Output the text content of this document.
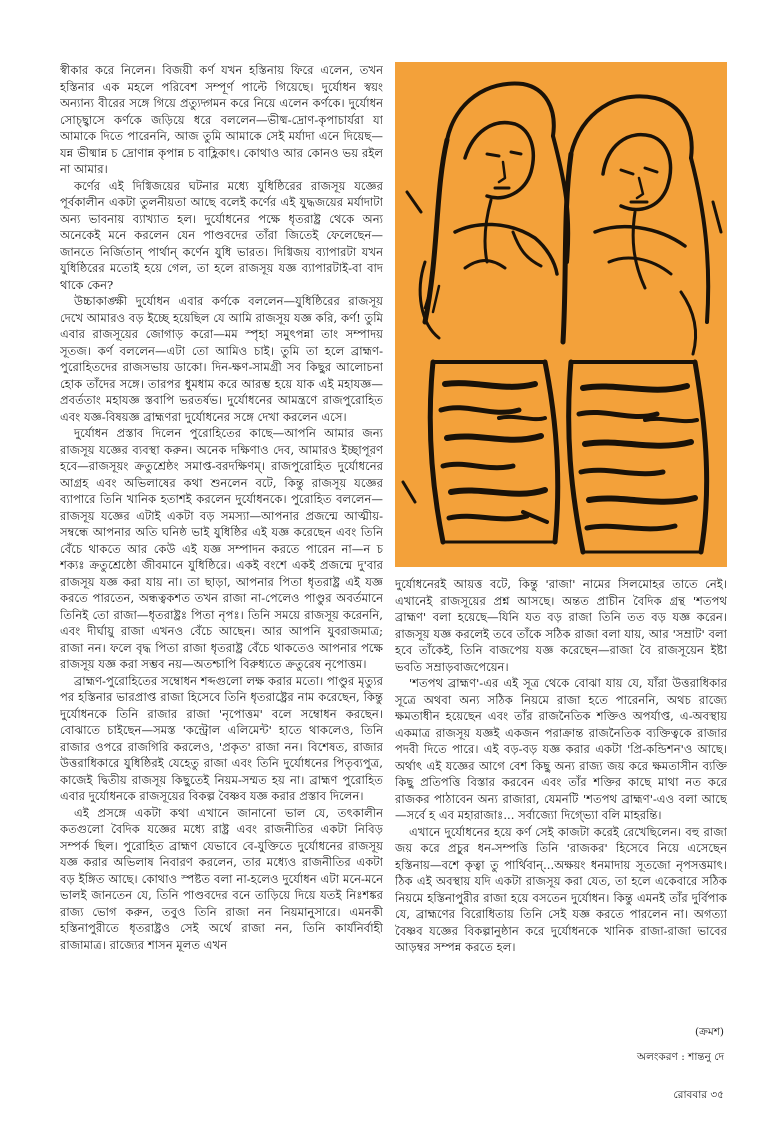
স্বীকার করে নিলেন। বিজয়ী কর্ণ যখন হস্তিনায় ফিরে এলেন, তখন হস্তিনার এক মহলে পরিবেশ সম্পূর্ণ পাল্টে গিয়েছে। দুর্যোধন স্বয়ং অন্যান্য বীরের সঙ্গে গিয়ে প্রত্যুদ্গমন করে নিয়ে এলেন কর্ণকে। দুর্যোধন সোচ্ছ্বাসে কর্ণকে জড়িয়ে ধরে বললেন—ভীষ্ম-দ্রোণ-কৃপাচার্যরা যা আমাকে দিতে পারেননি, আজ তুমি আমাকে সেই মর্যাদা এনে দিয়েছ—যন্ন ভীষ্মান্ন চ দ্রোণান্ন কৃপান্ন চ বাহ্লিকাৎ। কোথাও আর কোনও ভয় রইল না আমার।

কর্ণের এই দিগ্বিজয়ের ঘটনার মধ্যে যুধিষ্ঠিরের রাজসূয় যজ্ঞের পূর্বকালীন একটা তুলনীয়তা আছে বলেই কর্ণের এই যুদ্ধজয়ের মর্যাদাটা অন্য ভাবনায় ব্যাখ্যাত হল। দুর্যোধনের পক্ষে ধৃতরাষ্ট্র থেকে অন্য অনেকেই মনে করলেন যেন পাণ্ডবদের তাঁরা জিতেই ফেলেছেন—জানতে নির্জিতান্ পার্থান্ কর্ণেন যুধি ভারত। দিগ্বিজয় ব্যাপারটা যখন যুধিষ্ঠিরের মতোই হয়ে গেল, তা হলে রাজসূয় যজ্ঞ ব্যাপারটাই-বা বাদ থাকে কেন?

উচ্চাকাঙ্ক্ষী দুর্যোধন এবার কর্ণকে বললেন—যুধিষ্ঠিরের রাজসূয় দেখে আমারও বড় ইচ্ছে হয়েছিল যে আমি রাজসূয় যজ্ঞ করি, কর্ণ! তুমি এবার রাজসূয়ের জোগাড় করো—মম স্পৃহা সমুৎপন্না তাং সম্পাদয় সূতজ। কর্ণ বললেন—এটা তো আমিও চাই। তুমি তা হলে ব্রাহ্মণ-পুরোহিতদের রাজসভায় ডাকো। দিন-ক্ষণ-সামগ্রী সব কিছুর আলোচনা হোক তাঁদের সঙ্গে। তারপর ধুমধাম করে আরম্ভ হয়ে যাক এই মহাযজ্ঞ—প্রবর্ততাং মহাযজ্ঞ স্তবাপি ভরতর্ষভ। দুর্যোধনের আমন্ত্রণে রাজপুরোহিত এবং যজ্ঞ-বিষয়জ্ঞ ব্রাহ্মণরা দুর্যোধনের সঙ্গে দেখা করলেন এসে।

দুর্যোধন প্রস্তাব দিলেন পুরোহিতের কাছে—আপনি আমার জন্য রাজসূয় যজ্ঞের ব্যবস্থা করুন। অনেক দক্ষিণাও দেব, আমারও ইচ্ছাপূরণ হবে—রাজসূয়ং ক্রতুশ্রেষ্ঠং সমাপ্ত-বরদক্ষিণম্। রাজপুরোহিত দুর্যোধনের আগ্রহ এবং অভিলাষের কথা শুনলেন বটে, কিন্তু রাজসূয় যজ্ঞের ব্যাপারে তিনি খানিক হতাশই করলেন দুর্যোধনকে। পুরোহিত বললেন—রাজসূয় যজ্ঞের এটাই একটা বড় সমস্যা—আপনার প্রজন্মে আত্মীয়-সম্বন্ধে আপনার অতি ঘনিষ্ঠ ভাই যুধিষ্ঠির এই যজ্ঞ করেছেন এবং তিনি বেঁচে থাকতে আর কেউ এই যজ্ঞ সম্পাদন করতে পারেন না—ন চ শক্যঃ ক্রতুশ্রেষ্ঠো জীবমানে যুধিষ্ঠিরে। একই বংশে একই প্রজন্মে দু'বার রাজসূয় যজ্ঞ করা যায় না। তা ছাড়া, আপনার পিতা ধৃতরাষ্ট্র এই যজ্ঞ করতে পারতেন, অন্ধত্বকশত তখন রাজা না-পেলেও পাণ্ডুর অবর্তমানে তিনিই তো রাজা—ধৃতরাষ্ট্রঃ পিতা নৃপঃ। তিনি সময়ে রাজসূয় করেননি, এবং দীর্ঘায়ু রাজা এখনও বেঁচে আছেন। আর আপনি যুবরাজমাত্র; রাজা নন। ফলে বৃদ্ধ পিতা রাজা ধৃতরাষ্ট্র বেঁচে থাকতেও আপনার পক্ষে রাজসূয় যজ্ঞ করা সম্ভব নয়—অতশ্চাপি বিরুধ্যতে ক্রতুরেষ নৃপোত্তম।

ব্রাহ্মণ-পুরোহিতের সম্বোধন শব্দগুলো লক্ষ করার মতো। পাণ্ডুর মৃত্যুর পর হস্তিনার ভারপ্রাপ্ত রাজা হিসেবে তিনি ধৃতরাষ্ট্রের নাম করেছেন, কিন্তু দুর্যোধনকে তিনি রাজার রাজা 'নৃপোত্তম' বলে সম্বোধন করছেন। বোঝাতে চাইছেন—সমস্ত 'কন্ট্রোল এলিমেন্ট' হাতে থাকলেও, তিনি রাজার ওপরে রাজগিরি করলেও, 'প্রকৃত' রাজা নন। বিশেষত, রাজার উত্তরাধিকারে যুধিষ্ঠিরই যেহেতু রাজা এবং তিনি দুর্যোধনের পিতৃব্যপুত্র, কাজেই দ্বিতীয় রাজসূয় কিছুতেই নিয়ম-সম্মত হয় না। ব্রাহ্মণ পুরোহিত এবার দুর্যোধনকে রাজসূয়ের বিকল্প বৈষ্ণব যজ্ঞ করার প্রস্তাব দিলেন।

এই প্রসঙ্গে একটা কথা এখানে জানানো ভাল যে, তৎকালীন কতগুলো বৈদিক যজ্ঞের মধ্যে রাষ্ট্র এবং রাজনীতির একটা নিবিড় সম্পর্ক ছিল। পুরোহিত ব্রাহ্মণ যেভাবে বে-যুক্তিতে দুর্যোধনের রাজসূয় যজ্ঞ করার অভিলাষ নিবারণ করলেন, তার মধ্যেও রাজনীতির একটা বড় ইঙ্গিত আছে। কোথাও স্পষ্টত বলা না-হলেও দুর্যোধন এটা মনে-মনে ভালই জানতেন যে, তিনি পাণ্ডবদের বনে তাড়িয়ে দিয়ে যতই নিঃশঙ্কর রাজ্য ভোগ করুন, তবুও তিনি রাজা নন নিয়মানুসারে। এমনকী হস্তিনাপুরীতে ধৃতরাষ্ট্রও সেই অর্থে রাজা নন, তিনি কার্যনির্বাহী রাজামাত্র। রাজ্যের শাসন মূলত এখন

দুর্যোধনেরই আয়ত্ত বটে, কিন্তু 'রাজা' নামের সিলমোহর তাতে নেই। এখানেই রাজসূয়ের প্রশ্ন আসছে। অন্তত প্রাচীন বৈদিক গ্রন্থ 'শতপথ ব্রাহ্মণ' বলা হয়েছে—যিনি যত বড় রাজা তিনি তত বড় যজ্ঞ করেন। রাজসূয় যজ্ঞ করলেই তবে তাঁকে সঠিক রাজা বলা যায়, আর 'সম্রাট' বলা হবে তাঁকেই, তিনি বাজপেয় যজ্ঞ করেছেন—রাজা বৈ রাজসূয়েন ইষ্টা ভবতি সম্রাড়বাজপেয়েন।

'শতপথ ব্রাহ্মণ'-এর এই সূত্র থেকে বোঝা যায় যে, যাঁরা উত্তরাধিকার সূত্রে অথবা অন্য সঠিক নিয়মে রাজা হতে পারেননি, অথচ রাজ্যে ক্ষমতাধীন হয়েছেন এবং তাঁর রাজনৈতিক শক্তিও অপর্যাপ্ত, এ-অবস্থায় একমাত্র রাজসূয় যজ্ঞই একজন পরাক্রান্ত রাজনৈতিক ব্যক্তিত্বকে রাজার পদবী দিতে পারে। এই বড়-বড় যজ্ঞ করার একটা 'প্রি-কন্ডিশন'ও আছে। অর্থাৎ এই যজ্ঞের আগে বেশ কিছু অন্য রাজ্য জয় করে ক্ষমতাসীন ব্যক্তি কিছু প্রতিপত্তি বিস্তার করবেন এবং তাঁর শক্তির কাছে মাথা নত করে রাজকর পাঠাবেন অন্য রাজারা, যেমনটি 'শতপথ ব্রাহ্মণ'-এও বলা আছে—সর্বে হ এব মহারাজাঃ... সর্বাজ্যো দিগ্ভ্যো বলি মাহরন্তি।

এখানে দুর্যোধনের হয়ে কর্ণ সেই কাজটা করেই রেখেছিলেন। বহু রাজা জয় করে প্রচুর ধন-সম্পত্তি তিনি 'রাজকর' হিসেবে নিয়ে এসেছেন হস্তিনায়—বশে কৃত্বা তু পার্থিবান্...অক্ষয়ং ধনমাদায় সূতজো নৃপসত্তমাৎ। ঠিক এই অবস্থায় যদি একটা রাজসূয় করা যেত, তা হলে একেবারে সঠিক নিয়মে হস্তিনাপুরীর রাজা হয়ে বসতেন দুর্যোধন। কিন্তু এমনই তাঁর দুর্বিপাক যে, ব্রাহ্মণের বিরোধিতায় তিনি সেই যজ্ঞ করতে পারলেন না। অগত্যা বৈষ্ণব যজ্ঞের বিকল্পানুষ্ঠান করে দুর্যোধনকে খানিক রাজা-রাজা ভাবের আড়ম্বর সম্পন্ন করতে হল।

(ক্রমশ)
অলংকরণ : শান্তনু দে
রোববার ৩৫
